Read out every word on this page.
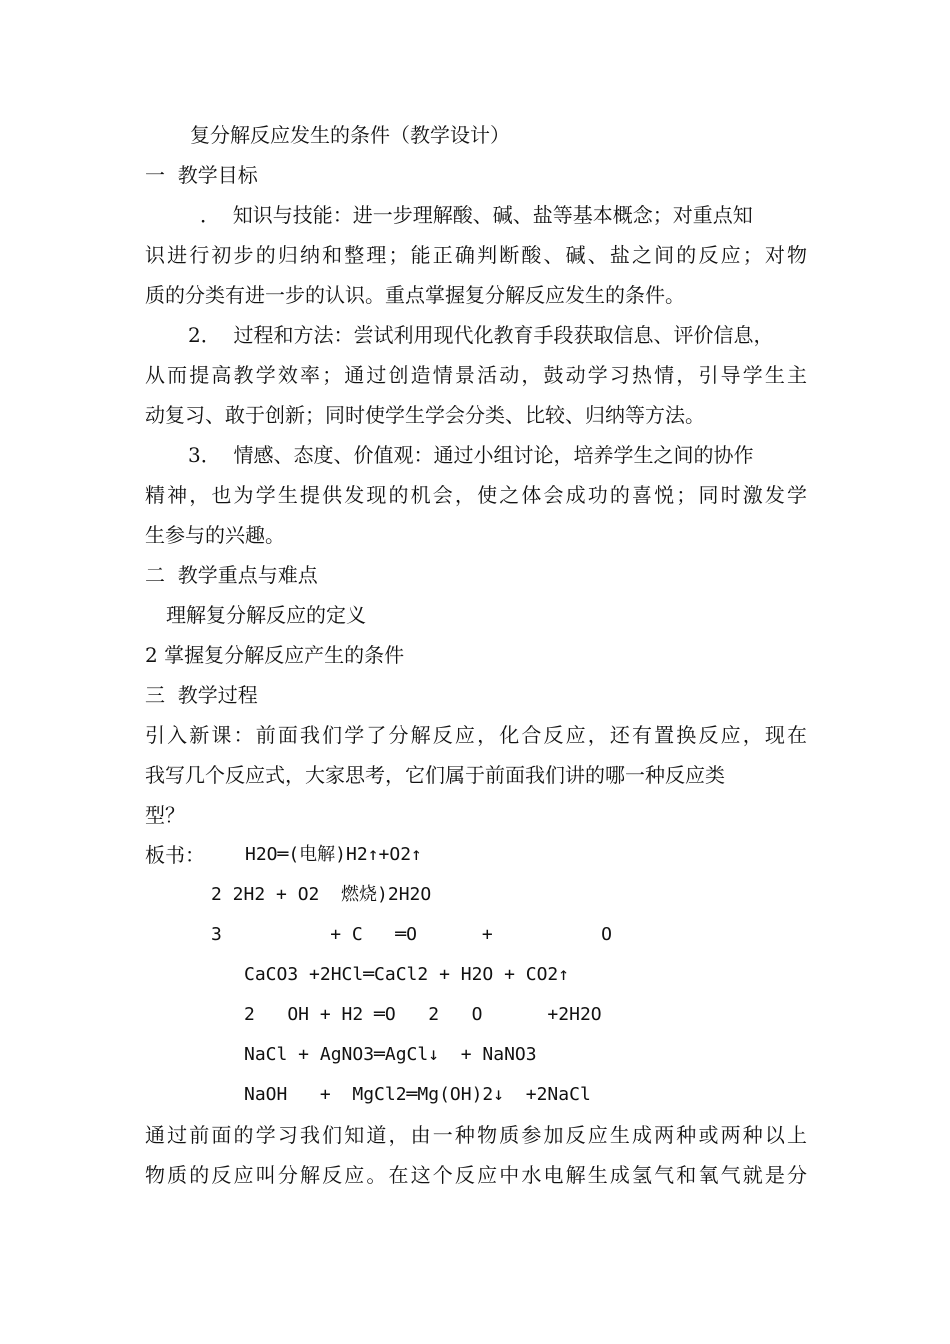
复分解反应发生的条件（教学设计）
一  教学目标
．  知识与技能：进一步理解酸、碱、盐等基本概念；对重点知
识进行初步的归纳和整理；能正确判断酸、碱、盐之间的反应；对物
质的分类有进一步的认识。重点掌握复分解反应发生的条件。
2．  过程和方法：尝试利用现代化教育手段获取信息、评价信息，
从而提高教学效率；通过创造情景活动，鼓动学习热情，引导学生主
动复习、敢于创新；同时使学生学会分类、比较、归纳等方法。
3．  情感、态度、价值观：通过小组讨论，培养学生之间的协作
精神，也为学生提供发现的机会，使之体会成功的喜悦；同时激发学
生参与的兴趣。
二  教学重点与难点
理解复分解反应的定义
2 掌握复分解反应产生的条件
三  教学过程
引入新课：前面我们学了分解反应，化合反应，还有置换反应，现在
我写几个反应式，大家思考，它们属于前面我们讲的哪一种反应类
型？
板书： H2O═(电解)H2↑+O2↑
2 2H2 + O2  燃烧)2H2O
3          + C   ═O      +          O
CaCO3 +2HCl═CaCl2 + H2O + CO2↑
2   OH + H2 ═O   2   O      +2H2O
NaCl + AgNO3═AgCl↓  + NaNO3
NaOH   +  MgCl2═Mg(OH)2↓  +2NaCl
通过前面的学习我们知道，由一种物质参加反应生成两种或两种以上
物质的反应叫分解反应。在这个反应中水电解生成氢气和氧气就是分
